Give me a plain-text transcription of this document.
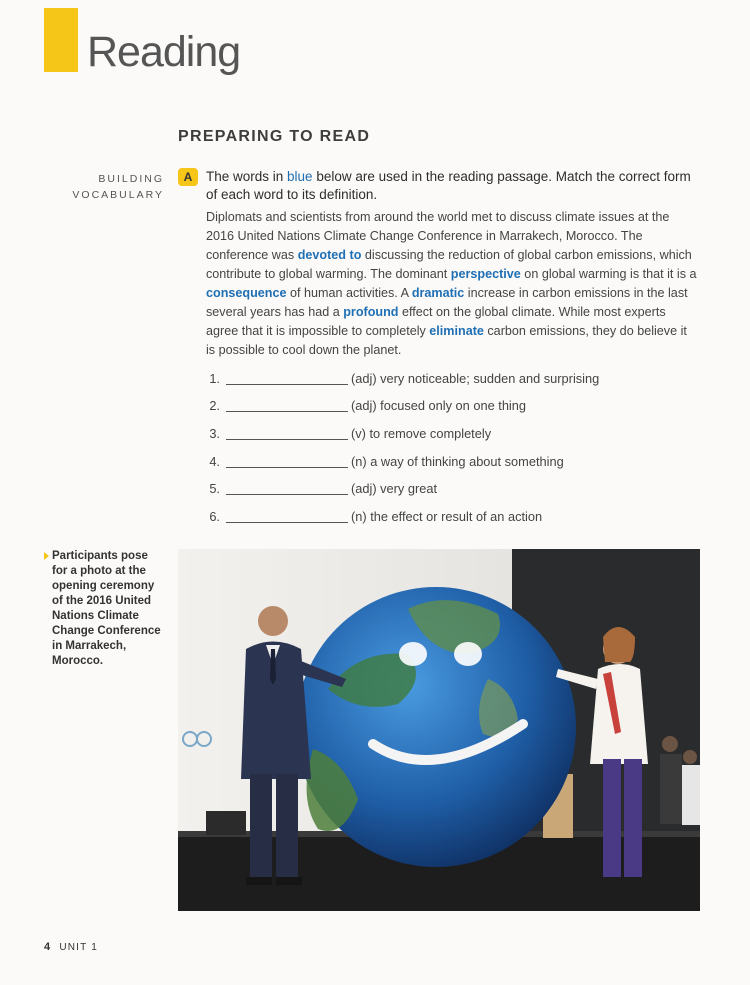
Reading
PREPARING TO READ
BUILDING
VOCABULARY
A	The words in blue below are used in the reading passage. Match the correct form of each word to its definition.
Diplomats and scientists from around the world met to discuss climate issues at the 2016 United Nations Climate Change Conference in Marrakech, Morocco. The conference was devoted to discussing the reduction of global carbon emissions, which contribute to global warming. The dominant perspective on global warming is that it is a consequence of human activities. A dramatic increase in carbon emissions in the last several years has had a profound effect on the global climate. While most experts agree that it is impossible to completely eliminate carbon emissions, they do believe it is possible to cool down the planet.
1.	(adj) very noticeable; sudden and surprising
2.	(adj) focused only on one thing
3.	(v) to remove completely
4.	(n) a way of thinking about something
5.	(adj) very great
6.	(n) the effect or result of an action
Participants pose for a photo at the opening ceremony of the 2016 United Nations Climate Change Conference in Marrakech, Morocco.
4 UNIT 1
